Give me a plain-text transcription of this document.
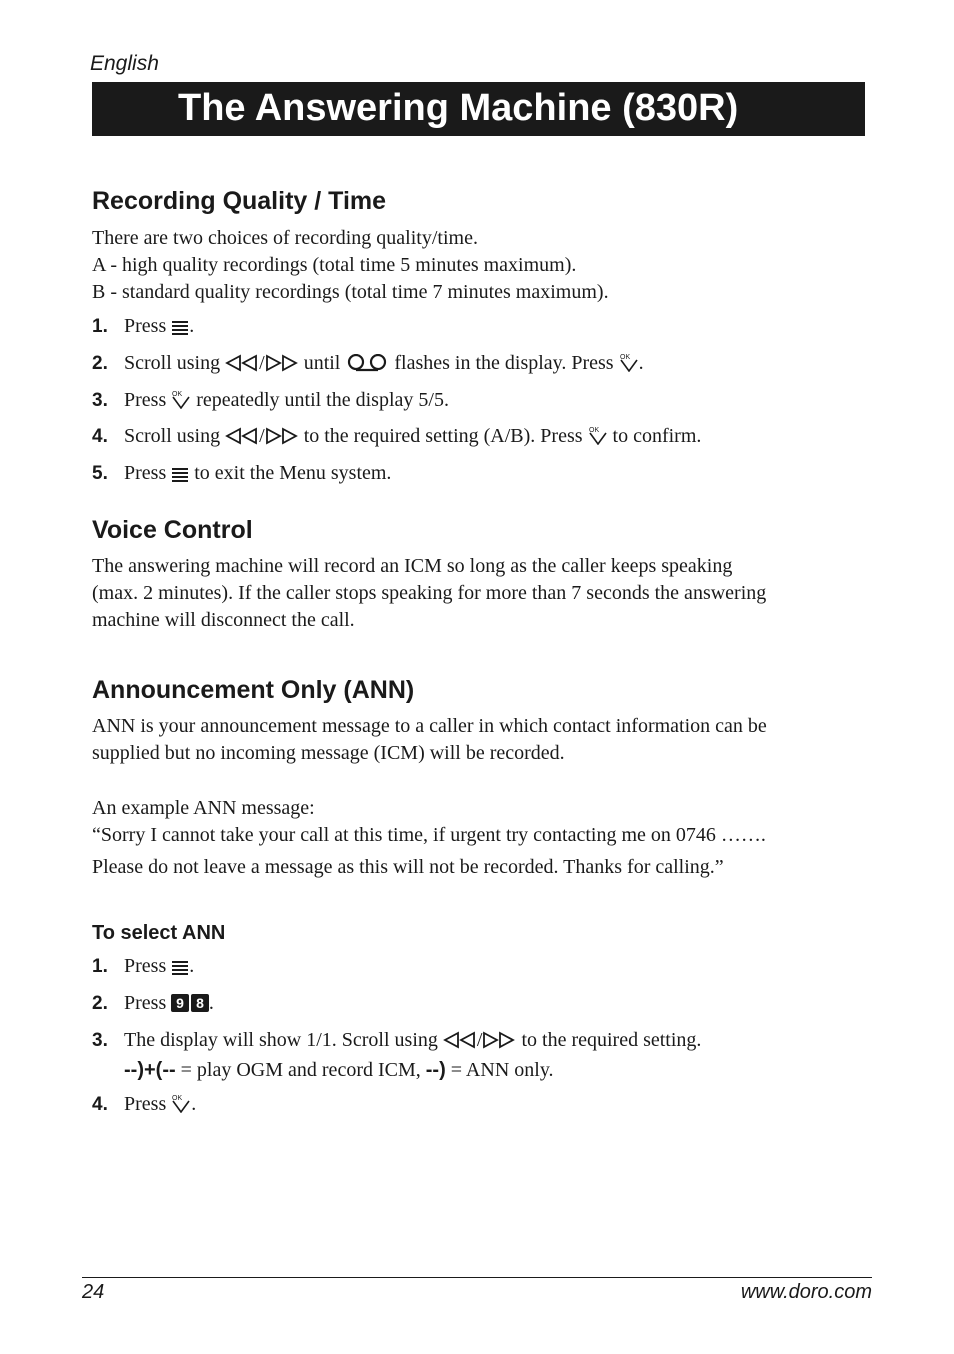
English
The Answering Machine (830R)
Recording Quality / Time

There are two choices of recording quality/time.

A - high quality recordings (total time 5 minutes maximum).

B - standard quality recordings (total time 7 minutes maximum).

1. Press .
2. Scroll using / until  flashes in the display. Press OK .
3. Press OK repeatedly until the display 5/5.
4. Scroll using / to the required setting (A/B). Press OK to confirm.
5. Press  to exit the Menu system.
Voice Control

The answering machine will record an ICM so long as the caller keeps speaking

(max. 2 minutes). If the caller stops speaking for more than 7 seconds the answering

machine will disconnect the call.

Announcement Only (ANN)

ANN is your announcement message to a caller in which contact information can be

supplied but no incoming message (ICM) will be recorded.

An example ANN message:

“Sorry I cannot take your call at this time, if urgent try contacting me on 0746 …….

Please do not leave a message as this will not be recorded. Thanks for calling.”

To select ANN
1. Press .
2. Press 9
  8 .
3. The display will show 1/1. Scroll using / to the required setting.
--)+(-- = play OGM and record ICM, --) = ANN only.
4. Press OK .
24	www.doro.com
